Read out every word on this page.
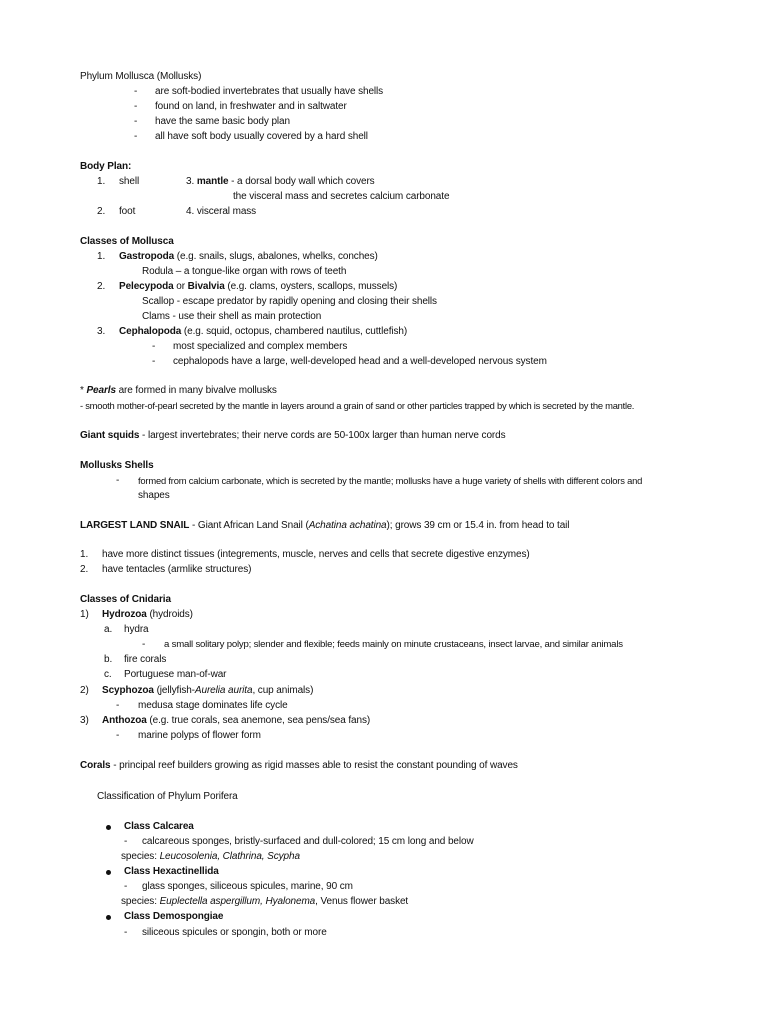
Phylum Mollusca (Mollusks)
- are soft-bodied invertebrates that usually have shells
- found on land, in freshwater and in saltwater
- have the same basic body plan
- all have soft body usually covered by a hard shell
Body Plan:
1. shell	3. mantle - a dorsal body wall which covers
the visceral mass and secretes calcium carbonate
2. foot	4. visceral mass
Classes of Mollusca
1. Gastropoda (e.g. snails, slugs, abalones, whelks, conches)
Rodula – a tongue-like organ with rows of teeth
2. Pelecypoda or Bivalvia (e.g. clams, oysters, scallops, mussels)
Scallop - escape predator by rapidly opening and closing their shells
Clams - use their shell as main protection
3. Cephalopoda (e.g. squid, octopus, chambered nautilus, cuttlefish)
- most specialized and complex members
- cephalopods have a large, well-developed head and a well-developed nervous system
* Pearls are formed in many bivalve mollusks
- smooth mother-of-pearl secreted by the mantle in layers around a grain of sand or other particles trapped by which is secreted by the mantle.
Giant squids - largest invertebrates; their nerve cords are 50-100x larger than human nerve cords
Mollusks Shells
- formed from calcium carbonate, which is secreted by the mantle; mollusks have a huge variety of shells with different colors and
shapes
LARGEST LAND SNAIL - Giant African Land Snail (Achatina achatina); grows 39 cm or 15.4 in. from head to tail
1. have more distinct tissues (integrements, muscle, nerves and cells that secrete digestive enzymes)
2. have tentacles (armlike structures)
Classes of Cnidaria
1) Hydrozoa (hydroids)
a. hydra
- a small solitary polyp; slender and flexible; feeds mainly on minute crustaceans, insect larvae, and similar animals
b. fire corals
c. Portuguese man-of-war
2) Scyphozoa (jellyfish-Aurelia aurita, cup animals)
- medusa stage dominates life cycle
3) Anthozoa (e.g. true corals, sea anemone, sea pens/sea fans)
- marine polyps of flower form
Corals - principal reef builders growing as rigid masses able to resist the constant pounding of waves
Classification of Phylum Porifera
Class Calcarea
- calcareous sponges, bristly-surfaced and dull-colored; 15 cm long and below
species: Leucosolenia, Clathrina, Scypha
Class Hexactinellida
- glass sponges, siliceous spicules, marine, 90 cm
species: Euplectella aspergillum, Hyalonema, Venus flower basket
Class Demospongiae
- siliceous spicules or spongin, both or more
